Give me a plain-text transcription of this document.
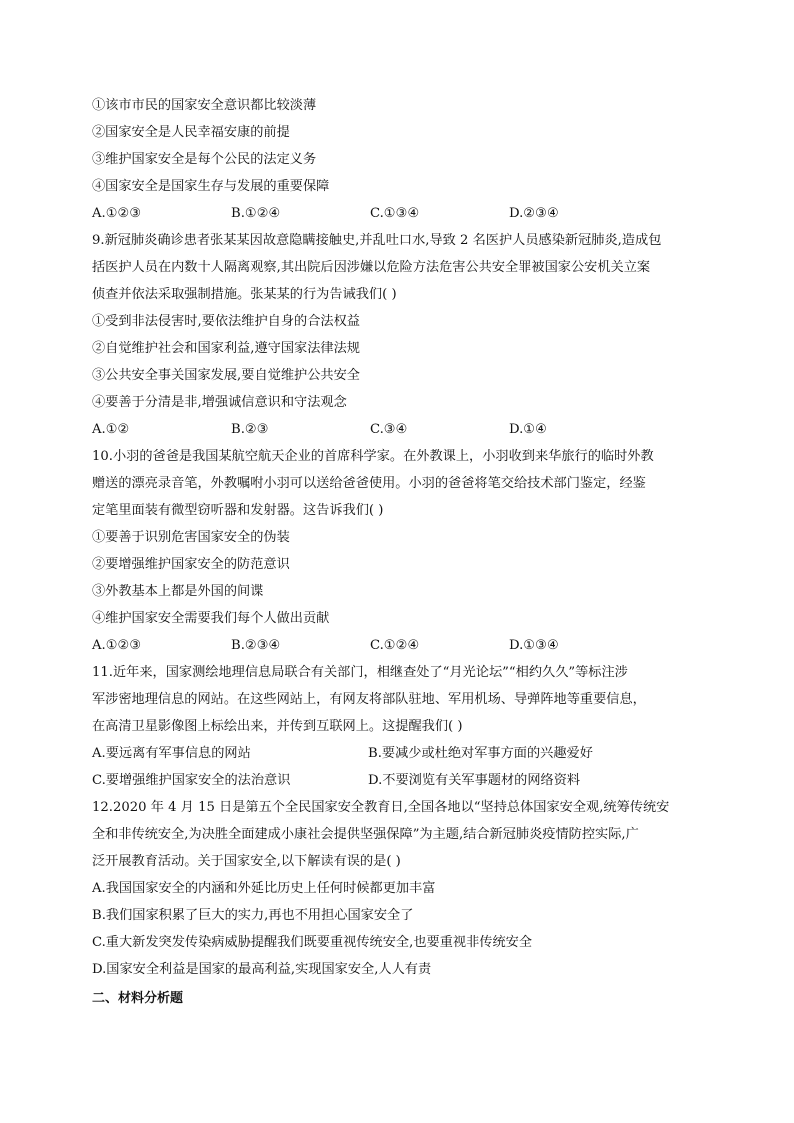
①该市市民的国家安全意识都比较淡薄
②国家安全是人民幸福安康的前提
③维护国家安全是每个公民的法定义务
④国家安全是国家生存与发展的重要保障
A.①②③	B.①②④	C.①③④	D.②③④
9.新冠肺炎确诊患者张某某因故意隐瞒接触史,并乱吐口水,导致 2 名医护人员感染新冠肺炎,造成包
括医护人员在内数十人隔离观察,其出院后因涉嫌以危险方法危害公共安全罪被国家公安机关立案
侦查并依法采取强制措施。张某某的行为告诫我们( )
①受到非法侵害时,要依法维护自身的合法权益
②自觉维护社会和国家利益,遵守国家法律法规
③公共安全事关国家发展,要自觉维护公共安全
④要善于分清是非,增强诚信意识和守法观念
A.①②	B.②③	C.③④	D.①④
10.小羽的爸爸是我国某航空航天企业的首席科学家。在外教课上，小羽收到来华旅行的临时外教
赠送的漂亮录音笔，外教嘱咐小羽可以送给爸爸使用。小羽的爸爸将笔交给技术部门鉴定，经鉴
定笔里面装有微型窃听器和发射器。这告诉我们( )
①要善于识别危害国家安全的伪装
②要增强维护国家安全的防范意识
③外教基本上都是外国的间谍
④维护国家安全需要我们每个人做出贡献
A.①②③	B.②③④	C.①②④	D.①③④
11.近年来，国家测绘地理信息局联合有关部门，相继查处了“月光论坛”“相约久久”等标注涉
军涉密地理信息的网站。在这些网站上，有网友将部队驻地、军用机场、导弹阵地等重要信息，
在高清卫星影像图上标绘出来，并传到互联网上。这提醒我们( )
A.要远离有军事信息的网站	B.要减少或杜绝对军事方面的兴趣爱好
C.要增强维护国家安全的法治意识	D.不要浏览有关军事题材的网络资料
12.2020 年 4 月 15 日是第五个全民国家安全教育日,全国各地以“坚持总体国家安全观,统筹传统安
全和非传统安全,为决胜全面建成小康社会提供坚强保障”为主题,结合新冠肺炎疫情防控实际,广
泛开展教育活动。关于国家安全,以下解读有误的是( )
A.我国国家安全的内涵和外延比历史上任何时候都更加丰富
B.我们国家积累了巨大的实力,再也不用担心国家安全了
C.重大新发突发传染病威胁提醒我们既要重视传统安全,也要重视非传统安全
D.国家安全利益是国家的最高利益,实现国家安全,人人有责
二、材料分析题
